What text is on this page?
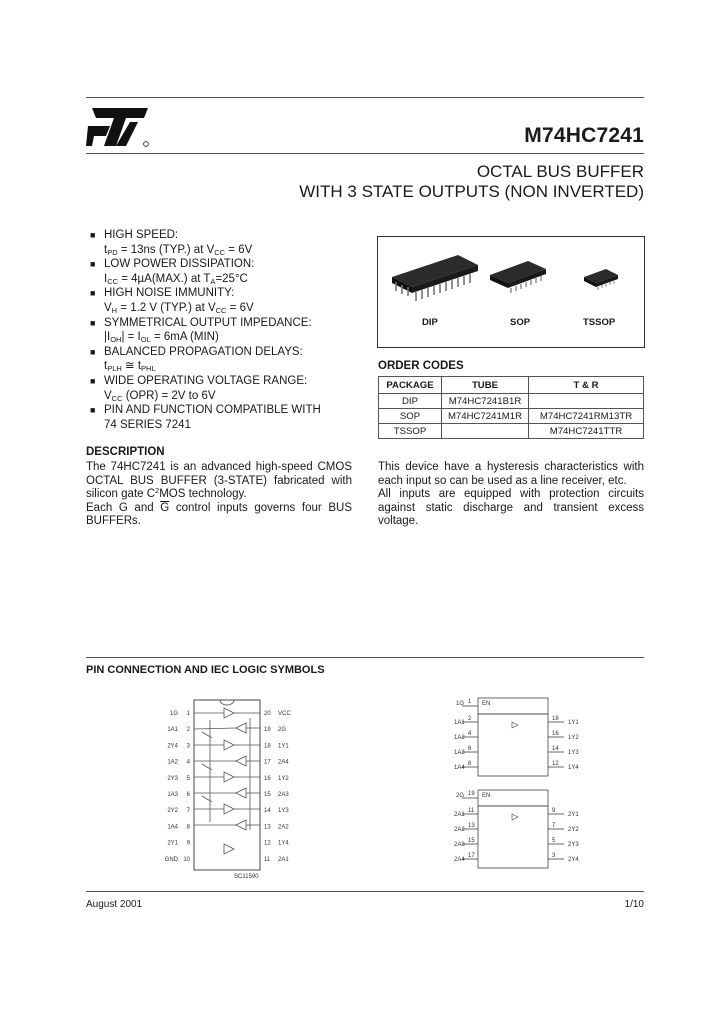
M74HC7241
OCTAL BUS BUFFER
WITH 3 STATE OUTPUTS (NON INVERTED)
■ HIGH SPEED:
$t_{PD} = 13ns$ (TYP.) at $V_{CC} = 6V$
■ LOW POWER DISSIPATION:
$I_{CC} = 4\mu A(MAX.)$ at $T_A=25^\circ C$
■ HIGH NOISE IMMUNITY:
$V_H = 1.2$ V (TYP.) at $V_{CC} = 6V$
■ SYMMETRICAL OUTPUT IMPEDANCE:
$|I_{OH}| = I_{OL} = 6mA$ (MIN)
■ BALANCED PROPAGATION DELAYS:
$t_{PLH}$ ≅ $t_{PHL}$
■ WIDE OPERATING VOLTAGE RANGE:
$V_{CC}$ (OPR) = 2V to 6V
■ PIN AND FUNCTION COMPATIBLE WITH
74 SERIES 7241
DIP	SOP	TSSOP
ORDER CODES
PACKAGE	TUBE	T & R
DIP	M74HC7241B1R	
SOP	M74HC7241M1R	M74HC7241RM13TR
TSSOP		M74HC7241TTR
DESCRIPTION
The 74HC7241 is an advanced high-speed CMOS OCTAL BUS BUFFER (3-STATE) fabricated with silicon gate $C^2MOS$ technology.
Each G and $\overline{G}$ control inputs governs four BUS BUFFERs.
This device have a hysteresis characteristics with each input so can be used as a line receiver, etc.
All inputs are equipped with protection circuits against static discharge and transient excess voltage.
PIN CONNECTION AND IEC LOGIC SYMBOLS
1G 1
1A1 2
2Y4 3
1A2 4
2Y3 5
1A3 6
2Y2 7
1A4 8
2Y1 9
GND 10
20 VCC
19 2G
18 1Y1
17 2A4
16 1Y2
15 2A3
14 1Y3
13 2A2
12 1Y4
11 2A1
SC11590
1A1
2
1A2
4
1A3
6
1A4
8
18
1Y1
16
1Y2
14
1Y3
12
1Y4
2A1
11
2A2
13
2A3
15
2A4
17
9
2Y1
7
2Y2
5
2Y3
3
2Y4
EN
EN
1G 1
2G 19
August 2001	1/10
